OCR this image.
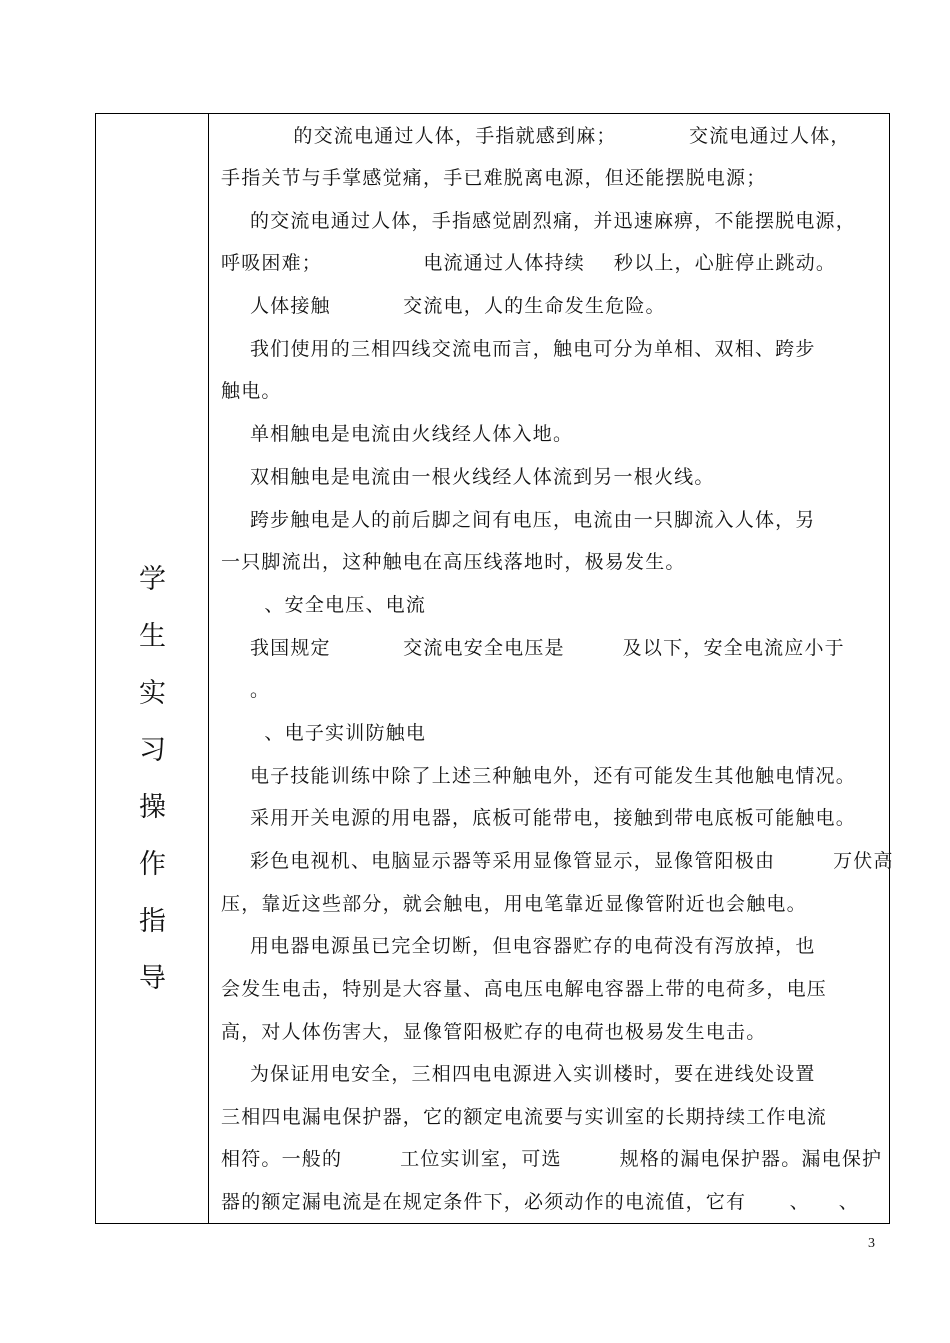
学
生
实
习
操
作
指
导
的交流电通过人体，手指就感到麻；          交流电通过人体，
手指关节与手掌感觉痛，手已难脱离电源，但还能摆脱电源；
的交流电通过人体，手指感觉剧烈痛，并迅速麻痹，不能摆脱电源，
呼吸困难；              电流通过人体持续    秒以上，心脏停止跳动。
人体接触          交流电，人的生命发生危险。
我们使用的三相四线交流电而言，触电可分为单相、双相、跨步
触电。
单相触电是电流由火线经人体入地。
双相触电是电流由一根火线经人体流到另一根火线。
跨步触电是人的前后脚之间有电压，电流由一只脚流入人体，另
一只脚流出，这种触电在高压线落地时，极易发生。
、安全电压、电流
我国规定          交流电安全电压是        及以下，安全电流应小于
。
、电子实训防触电
电子技能训练中除了上述三种触电外，还有可能发生其他触电情况。
采用开关电源的用电器，底板可能带电，接触到带电底板可能触电。
彩色电视机、电脑显示器等采用显像管显示，显像管阳极由        万伏高
压，靠近这些部分，就会触电，用电笔靠近显像管附近也会触电。
用电器电源虽已完全切断，但电容器贮存的电荷没有泻放掉，也
会发生电击，特别是大容量、高电压电解电容器上带的电荷多，电压
高，对人体伤害大，显像管阳极贮存的电荷也极易发生电击。
为保证用电安全，三相四电电源进入实训楼时，要在进线处设置
三相四电漏电保护器，它的额定电流要与实训室的长期持续工作电流
相符。一般的        工位实训室，可选        规格的漏电保护器。漏电保护
器的额定漏电流是在规定条件下，必须动作的电流值，它有      、    、
3
